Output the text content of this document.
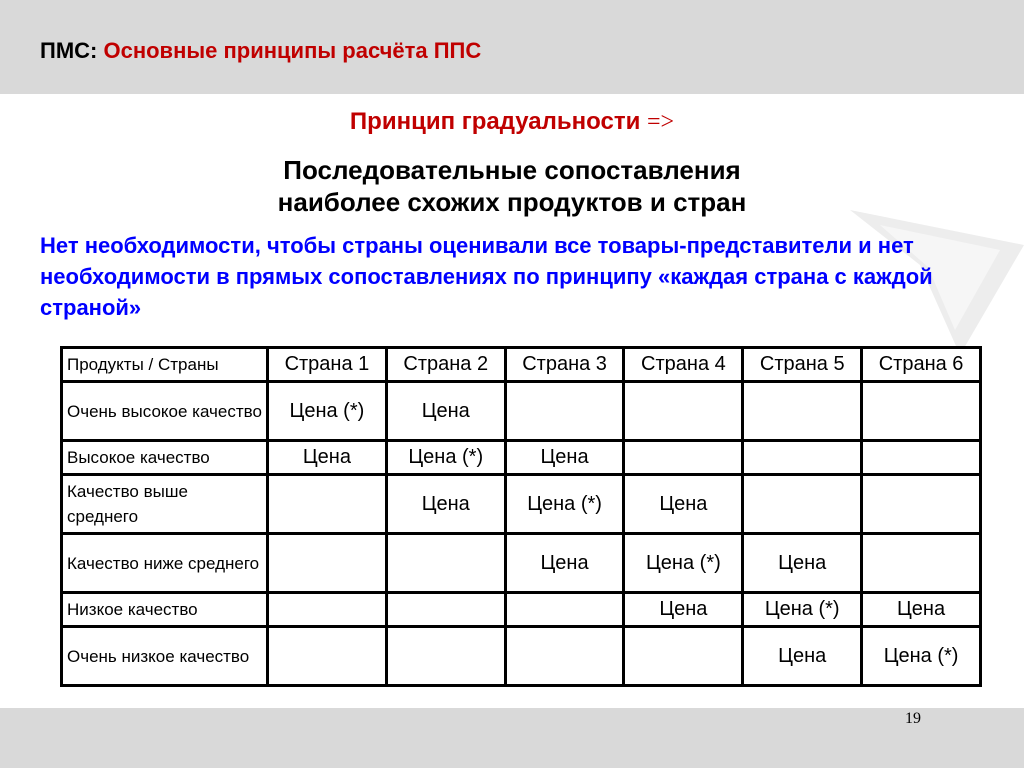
ПМС: Основные принципы расчёта ППС
Принцип градуальности =>
Последовательные сопоставления
наиболее схожих продуктов и стран
Нет необходимости, чтобы страны оценивали все товары-представители и нет необходимости в прямых сопоставлениях по принципу «каждая страна с каждой страной»
Продукты / Страны	Страна 1	Страна 2	Страна 3	Страна 4	Страна 5	Страна 6
Очень высокое качество	Цена (*)	Цена				
Высокое качество	Цена	Цена (*)	Цена			
Качество выше среднего		Цена	Цена (*)	Цена		
Качество ниже среднего			Цена	Цена (*)	Цена	
Низкое качество				Цена	Цена (*)	Цена
Очень низкое качество					Цена	Цена (*)
19
